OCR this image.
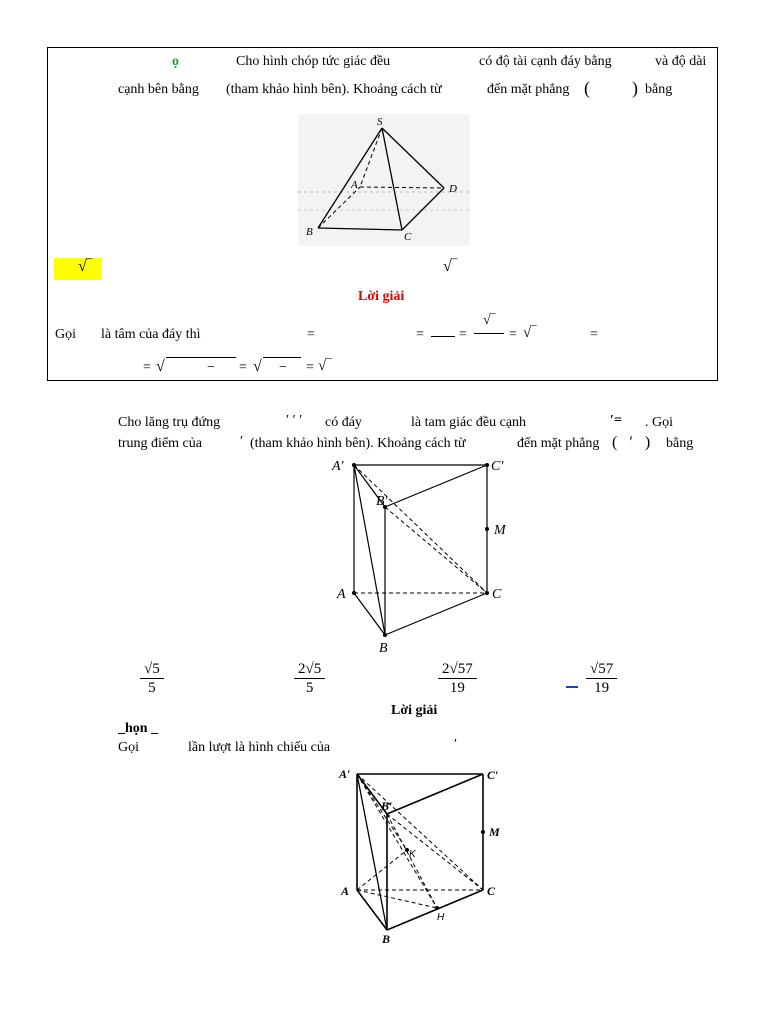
ọ	Cho hình chóp tức giác đều	có độ tài cạnh đáy bằng	và độ dài
cạnh bên bằng (tham khảo hình bên). Khoảng cách từ	đến mặt phẳng ( ) bằng
S
A
B	C
D
√‾	√‾
Lời giải
Gọi là tâm của đáy thì	=	=	=
√‾
= √‾	=
= √	− = √ − = √‾
Cho lăng trụ đứng	′ ′ ′ có đáy	là tam giác đều cạnh	′= . Gọi
trung điểm của	′ (tham khảo hình bên). Khoảng cách từ	đến mặt phẳng ( ′ ) bằng
A′	C′
B′
M
A	C
B
$\frac{√5}{5}$	$\frac{2√5}{5}$	$\frac{2√57}{19}$	$\frac{√57}{19}$
Lời giải
_họn _
Gọi	lần lượt là hình chiếu của	′
A′	C′
B′
M
K
A	C
H
B
